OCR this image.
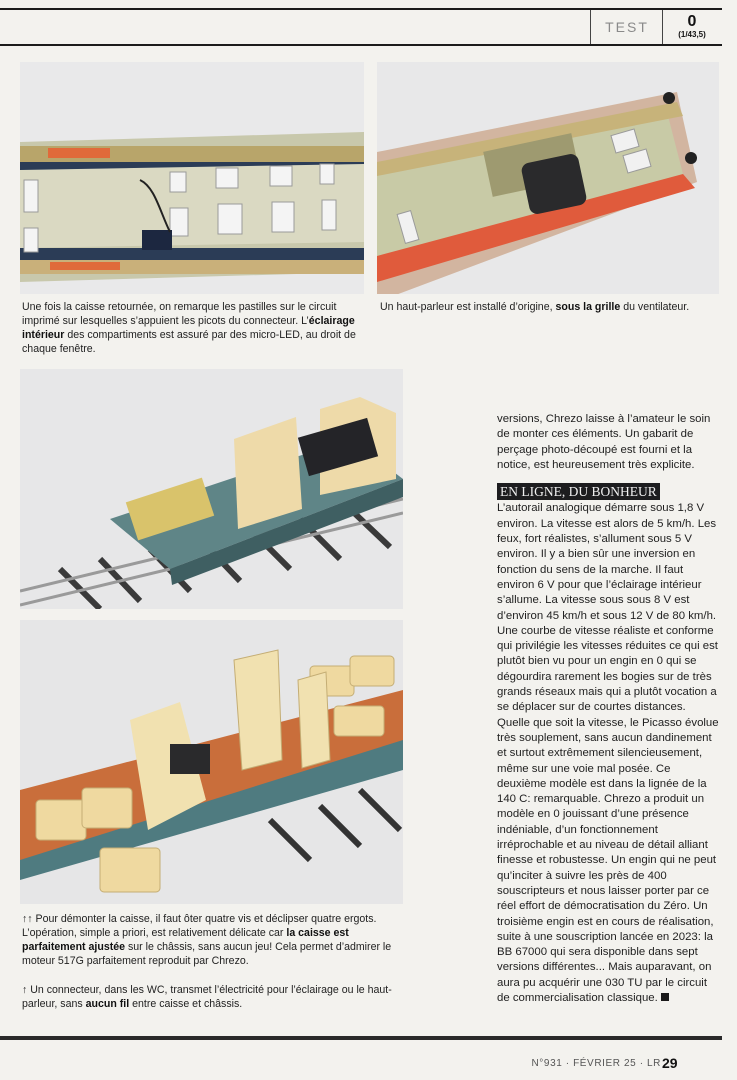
TEST	0
(1/43,5)
Une fois la caisse retournée, on remarque les pastilles sur le circuit imprimé sur lesquelles s’appuient les picots du connecteur. L’éclairage intérieur des compartiments est assuré par des micro-LED, au droit de chaque fenêtre.
Un haut-parleur est installé d’origine, sous la grille du ventilateur.
↑↑ Pour démonter la caisse, il faut ôter quatre vis et déclipser quatre ergots. L’opération, simple a priori, est relativement délicate car la caisse est parfaitement ajustée sur le châssis, sans aucun jeu! Cela permet d’admirer le moteur 517G parfaitement reproduit par Chrezo.
↑ Un connecteur, dans les WC, transmet l’électricité pour l’éclairage ou le haut-parleur, sans aucun fil entre caisse et châssis.

versions, Chrezo laisse à l’amateur le soin de monter ces éléments. Un gabarit de perçage photo-découpé est fourni et la notice, est heureusement très explicite.

EN LIGNE, DU BONHEUR

L’autorail analogique démarre sous 1,8 V environ. La vitesse est alors de 5 km/h. Les feux, fort réalistes, s’allument sous 5 V environ. Il y a bien sûr une inversion en fonction du sens de la marche. Il faut environ 6 V pour que l’éclairage intérieur s’allume. La vitesse sous sous 8 V est d’environ 45 km/h et sous 12 V de 80 km/h. Une courbe de vitesse réaliste et conforme qui privilégie les vitesses réduites ce qui est plutôt bien vu pour un engin en 0 qui se dégourdira rarement les bogies sur de très grands réseaux mais qui a plutôt vocation a se déplacer sur de courtes distances. Quelle que soit la vitesse, le Picasso évolue très souplement, sans aucun dandinement et surtout extrêmement silencieusement, même sur une voie mal posée. Ce deuxième modèle est dans la lignée de la 140 C: remarquable. Chrezo a produit un modèle en 0 jouissant d’une présence indéniable, d’un fonctionnement irréprochable et au niveau de détail alliant finesse et robustesse. Un engin qui ne peut qu’inciter à suivre les près de 400 souscripteurs et nous laisser porter par ce réel effort de démocratisation du Zéro. Un troisième engin est en cours de réalisation, suite à une souscription lancée en 2023: la BB 67000 qui sera disponible dans sept versions différentes... Mais auparavant, on aura pu acquérir une 030 TU par le circuit de commercialisation classique.

N°931 · FÉVRIER 25 · LR 29
